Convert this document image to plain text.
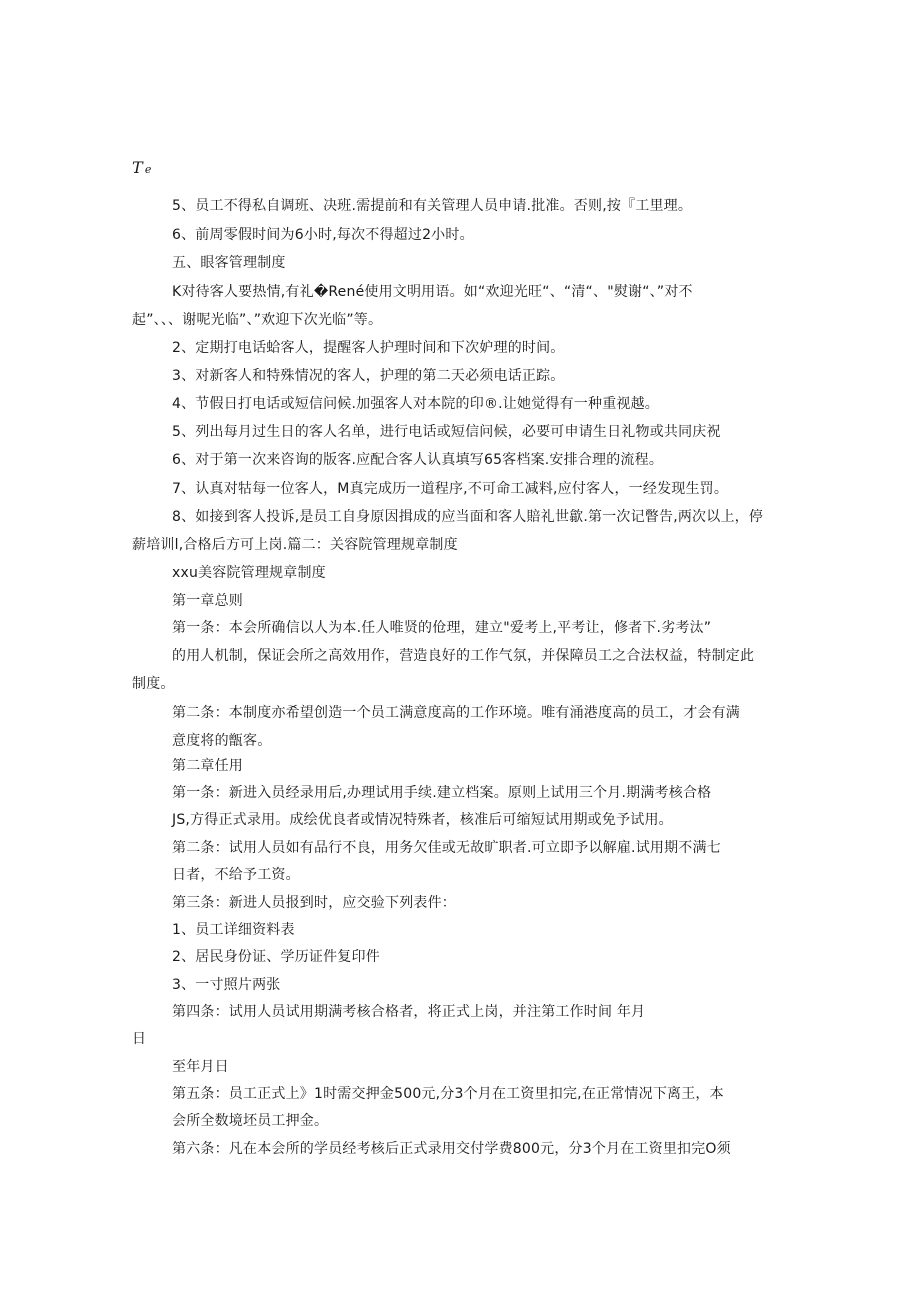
T e
5、员工不得私自调班、决班.需提前和有关管理人员申请.批准。否则,按『工里理。
6、前周零假时间为6小时,每次不得超过2小时。
五、眼客管理制度
K对待客人要热情,有礼�René使用文明用语。如“欢迎光旺“、“清“、"熨谢“、”对不
起”、、、谢呢光临”、”欢迎下次光临”等。
2、定期打电话蛤客人，提醒客人护理时间和下次妒理的时间。
3、对新客人和特殊情况的客人，护理的第二天必须电话正踪。
4、节假日打电话或短信问候.加强客人对本院的印®.让她觉得有一种重视越。
5、列出每月过生日的客人名单，进行电话或短信问候，必要可申请生日礼物或共同庆祝
6、对于第一次来咨询的版客.应配合客人认真填写65客档案.安排合理的流程。
7、认真对牯每一位客人，M真完成历一道程序,不可命工减料,应付客人，一经发现生罚。
8、如接到客人投诉,是员工自身原因揖成的应当面和客人賠礼世歙.第一次记瞥告,两次以上，停
薪培训l,合格后方可上岗.篇二：关容院管理规章制度
xxu美容院管理规章制度
第一章总则
第一条：本会所确信以人为本.任人唯贤的伧理，建立"爱考上,平考让，修者下.劣考汰”
的用人机制，保证会所之高效用作，营造良好的工作气氛，并保障员工之合法权益，特制定此
制度。
第二条：本制度亦希望创造一个员工满意度高的工作环境。唯有涌港度高的员工，才会有满
意度将的甑客。
第二章任用
第一条：新进入员经录用后,办理试用手续.建立档案。原则上试用三个月.期满考核合格
JS,方得正式录用。成绘优良者或情况特殊者，核准后可缩短试用期或免予试用。
第二条：试用人员如有品行不良，用务欠佳或无故旷职者.可立即予以解雇.试用期不满七
日者，不给予工资。
第三条：新进人员报到时，应交验下列表件：
1、员工详细资料表
2、居民身份证、学历证件复印件
3、一寸照片两张
第四条：试用人员试用期满考核合格者，将正式上岗，并注第工作时间 年月
日
至年月日
第五条：员工正式上》1时需交押金500元,分3个月在工资里扣完,在正常情况下离王，本
会所全数境坯员工押金。
第六条：凡在本会所的学员经考核后正式录用交付学费800元，分3个月在工资里扣完O须
